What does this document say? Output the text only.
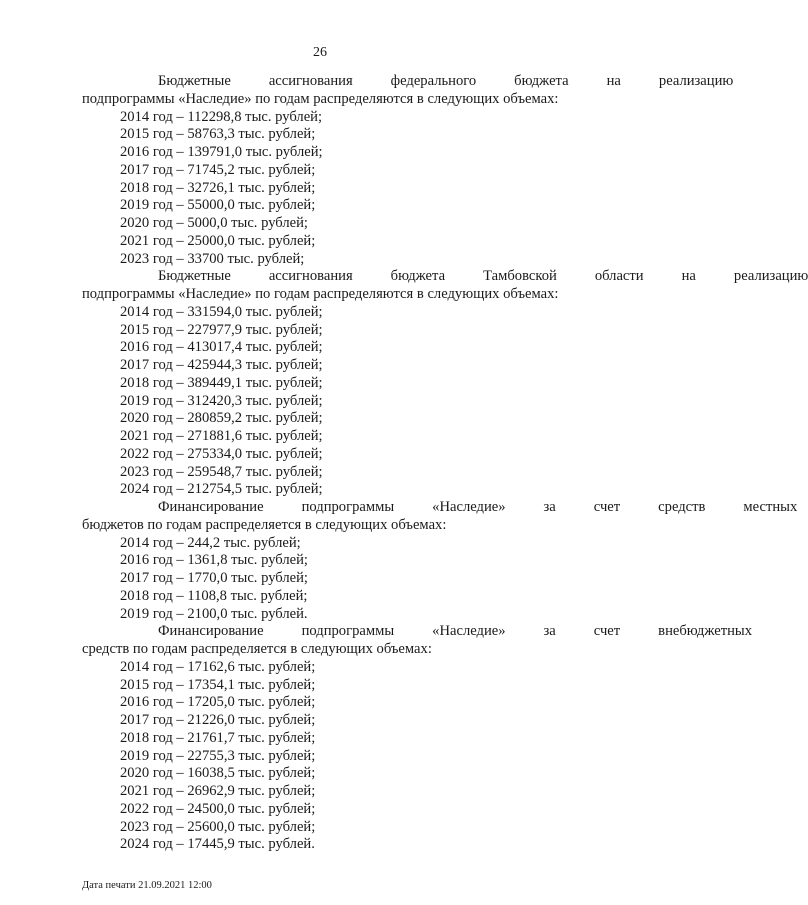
26
Бюджетные	ассигнования	федерального	бюджета	на	реализацию
подпрограммы «Наследие» по годам распределяются в следующих объемах:
2014 год – 112298,8 тыс. рублей;
2015 год – 58763,3 тыс. рублей;
2016 год – 139791,0 тыс. рублей;
2017 год – 71745,2 тыс. рублей;
2018 год – 32726,1 тыс. рублей;
2019 год – 55000,0 тыс. рублей;
2020 год – 5000,0 тыс. рублей;
2021 год – 25000,0 тыс. рублей;
2023 год – 33700 тыс. рублей;
Бюджетные	ассигнования	бюджета	Тамбовской	области	на	реализацию
подпрограммы «Наследие» по годам распределяются в следующих объемах:
2014 год – 331594,0 тыс. рублей;
2015 год – 227977,9 тыс. рублей;
2016 год – 413017,4 тыс. рублей;
2017 год – 425944,3 тыс. рублей;
2018 год – 389449,1 тыс. рублей;
2019 год – 312420,3 тыс. рублей;
2020 год – 280859,2 тыс. рублей;
2021 год – 271881,6 тыс. рублей;
2022 год – 275334,0 тыс. рублей;
2023 год – 259548,7 тыс. рублей;
2024 год – 212754,5 тыс. рублей;
Финансирование	подпрограммы	«Наследие»	за	счет	средств	местных
бюджетов по годам распределяется в следующих объемах:
2014 год – 244,2 тыс. рублей;
2016 год – 1361,8 тыс. рублей;
2017 год – 1770,0 тыс. рублей;
2018 год – 1108,8 тыс. рублей;
2019 год – 2100,0 тыс. рублей.
Финансирование	подпрограммы	«Наследие»	за	счет	внебюджетных
средств по годам распределяется в следующих объемах:
2014 год – 17162,6 тыс. рублей;
2015 год – 17354,1 тыс. рублей;
2016 год – 17205,0 тыс. рублей;
2017 год – 21226,0 тыс. рублей;
2018 год – 21761,7 тыс. рублей;
2019 год – 22755,3 тыс. рублей;
2020 год – 16038,5 тыс. рублей;
2021 год – 26962,9 тыс. рублей;
2022 год – 24500,0 тыс. рублей;
2023 год – 25600,0 тыс. рублей;
2024 год – 17445,9 тыс. рублей.
Дата печати 21.09.2021 12:00
